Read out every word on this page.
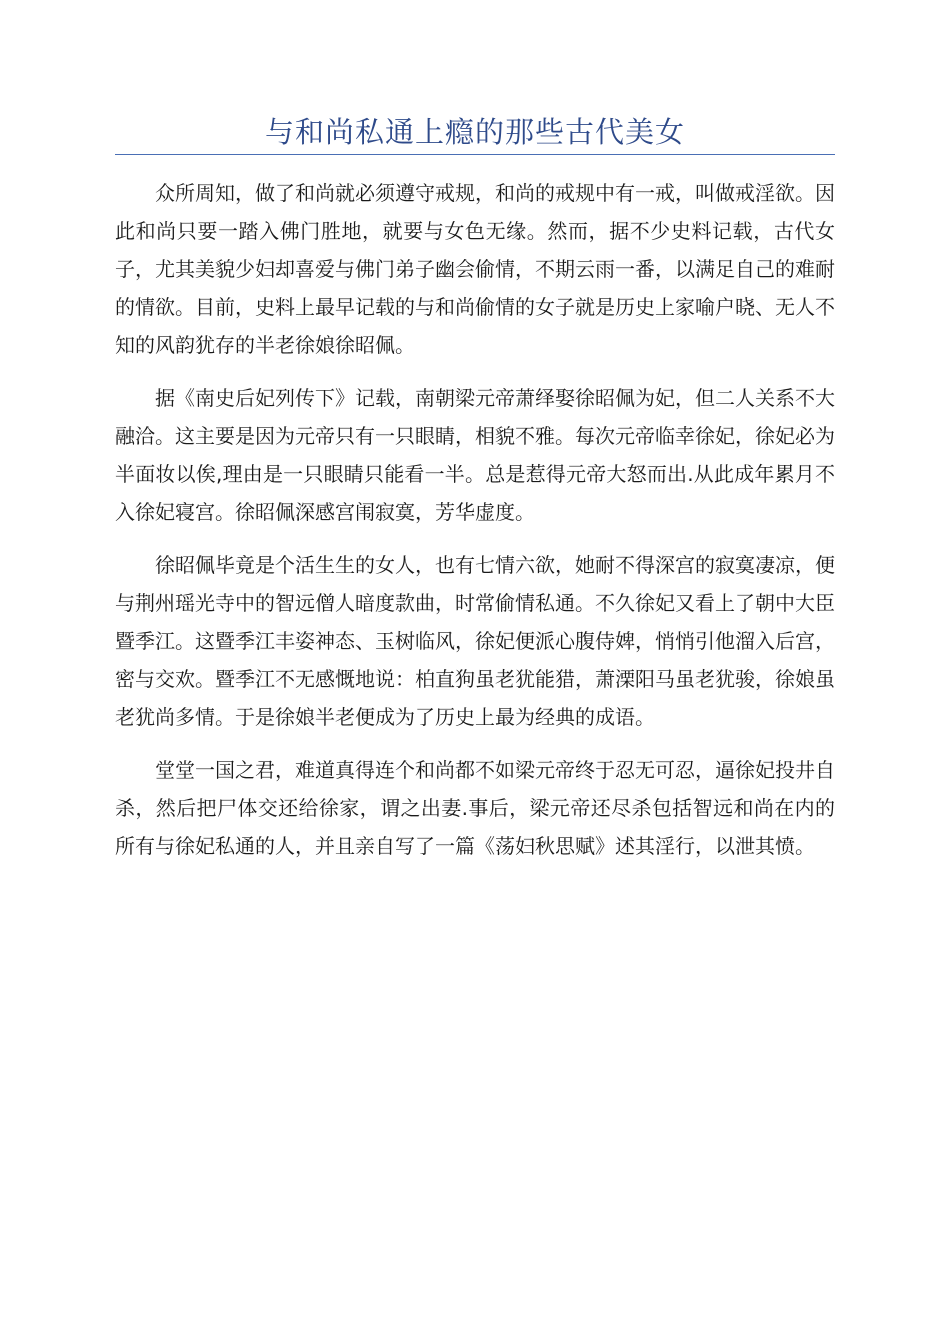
与和尚私通上瘾的那些古代美女

众所周知，做了和尚就必须遵守戒规，和尚的戒规中有一戒，叫做戒淫欲。因此和尚只要一踏入佛门胜地，就要与女色无缘。然而，据不少史料记载，古代女子，尤其美貌少妇却喜爱与佛门弟子幽会偷情，不期云雨一番，以满足自己的难耐的情欲。目前，史料上最早记载的与和尚偷情的女子就是历史上家喻户晓、无人不知的风韵犹存的半老徐娘徐昭佩。

据《南史后妃列传下》记载，南朝梁元帝萧绎娶徐昭佩为妃，但二人关系不大融洽。这主要是因为元帝只有一只眼睛，相貌不雅。每次元帝临幸徐妃，徐妃必为半面妆以俟,理由是一只眼睛只能看一半。总是惹得元帝大怒而出.从此成年累月不入徐妃寝宫。徐昭佩深感宫闱寂寞，芳华虚度。

徐昭佩毕竟是个活生生的女人，也有七情六欲，她耐不得深宫的寂寞凄凉，便与荆州瑶光寺中的智远僧人暗度款曲，时常偷情私通。不久徐妃又看上了朝中大臣暨季江。这暨季江丰姿神态、玉树临风，徐妃便派心腹侍婢，悄悄引他溜入后宫，密与交欢。暨季江不无感慨地说：柏直狗虽老犹能猎，萧溧阳马虽老犹骏，徐娘虽老犹尚多情。于是徐娘半老便成为了历史上最为经典的成语。

堂堂一国之君，难道真得连个和尚都不如梁元帝终于忍无可忍，逼徐妃投井自杀，然后把尸体交还给徐家，谓之出妻.事后，梁元帝还尽杀包括智远和尚在内的所有与徐妃私通的人，并且亲自写了一篇《荡妇秋思赋》述其淫行，以泄其愤。
